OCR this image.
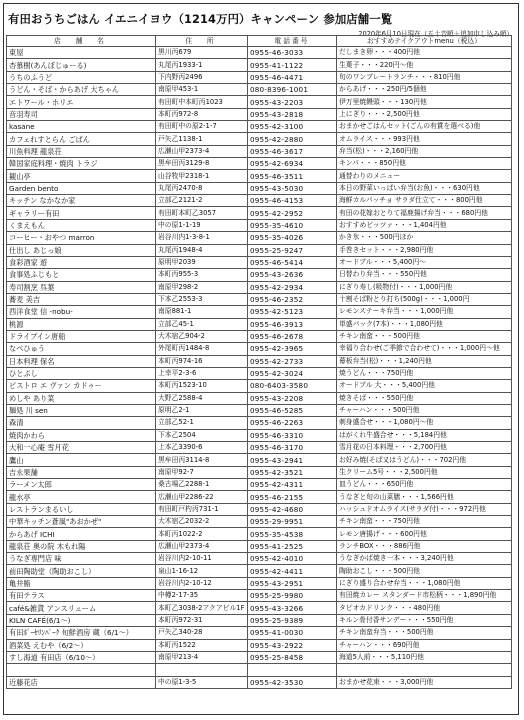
有田おうちごはん イエニイヨウ（1214万円）キャンペーン 参加店舗一覧
2020年6月10日現在（五十音順＋追加申し込み順）
店　舗　名	住　所	電話番号	おすすめテイクアウトmenu（税込）
東屋	黒川丙679	0955-46-3033	だしまき卵・・・400円他
杏慕樹(あんぼじゅーる)	丸尾丙1933-1	0955-41-1122	生菓子・・・220円～他
うちのふうど	下内野丙2496	0955-46-4471	旬のワンプレートランチ・・・810円他
うどん・そば・からあげ 大ちゃん	南原甲453-1	080-8396-1001	からあげ・・・250円/5個他
エトワール・ホリエ	有田町中本町丙1023	0955-43-2203	伊万里焼饅頭・・・130円他
音羽寿司	本町丙972-8	0955-43-2818	上にぎり・・・2,500円他
kasane	有田町中の原2-1-7	0955-42-3100	おまかせごはんセット(ごんの有賞を選べる)他
カフェれすとらん ごぱん	戸矢乙1138-1	0955-42-2880	オムライス・・・993円他
川魚料理 龍泉荘	広瀬山甲2373-4	0955-46-3617	弁当(松)・・・2,160円他
韓国家庭料理・焼肉 トラジ	黒牟田丙3129-8	0955-42-6934	キンパ・・・850円他
観山亭	山谷牧甲2318-1	0955-46-3511	通替わりのメニュー
Garden bento	丸尾丙2470-8	0955-43-5030	本日の野菜いっぱい弁当(お魚)・・・630円他
キッチン なかなか家	立部乙2121-2	0955-46-4153	海鮮カルパッチョ サラダ仕立て・・・800円他
ギャラリー有田	有田町本町乙3057	0955-42-2952	有田の花嫁おとりて福鹿揚げ弁当・・・680円他
くまえもん	中の原1-1-19	0955-35-4610	おすすめピッツァ・・・1,404円他
コーヒー・おやつ marron	岩谷川内1-3-8-1	0955-35-4026	かき氷・・・500円ほか
仕出し あじっ娘	丸尾丙1948-4	0955-25-9247	手巻きセット・・・2,980円他
食彩酒家 遊	原明甲2039	0955-46-5414	オードブル・・・5,400円～
食事処ふじもと	本町丙955-3	0955-43-2636	日替わり弁当・・・550円他
寿司割烹 呉葉	南原甲298-2	0955-42-2934	にぎり寿し(吸物付)・・・1,000円他
蕎麦 美吉	下本乙2553-3	0955-46-2352	十割そば粉とり打ち(500g)・・・1,000円
西洋食堂 信 -nobu-	南原881-1	0955-42-5123	レモンステーキ弁当・・・1,000円他
桃源	立部乙45-1	0955-46-3913	単盛パック(7本)・・・1,080円他
ドライブイン唐船	大木宿乙904-2	0955-46-2678	チキン南蛮・・・500円他
なべひゅう	外尾町丙1484-8	0955-42-3965	幸福り合わせ(ご季節で合わせて)・・・1,000円～他
日本料理 保名	本町丙974-16	0955-42-2733	幕板弁当(松)・・・1,240円他
ひとぷし	上幸平2-3-6	0955-42-3024	焼うどん・・・750円他
ビストロ エ ヴァン カドゥー	本町丙1523-10	080-6403-3580	オードブル 大・・・5,400円他
めしや あり菜	大野乙2588-4	0955-43-2208	焼きそば・・・550円他
麺処 川 sen	原明乙2-1	0955-46-5285	チャーハン・・・500円他
森清	立部乙52-1	0955-46-2263	刺身盛合せ・・・1,080円～他
焼肉かわら	下本乙2504	0955-46-3310	はがくれ牛盛合せ・・・5,184円他
大和一心庵 雪月花	上本乙3390-6	0955-46-3170	雪月花の日本料理・・・2,700円他
鷹山	黒牟田丙3114-8	0955-43-2941	お好み焼(そば又はうどん)・・・702円他
吉永果舗	南原甲92-7	0955-42-3521	生クリーム5号・・・2,500円他
ラーメン太郎	桑古場乙2288-1	0955-42-4311	皿うどん・・・650円他
龍水亭	広瀬山甲2286-22	0955-46-2155	うなぎと旬の山菜膳・・・1,566円他
レストランまるいし	有田町戸杓丙731-1	0955-42-4680	ハッシュドオムライス(サラダ付)・・・972円他
中華キッチン蒼風"あおかぜ"	大木宿乙2032-2	0955-29-9951	チキン南蛮・・・750円他
からあげ ICHI	本町丙1022-2	0955-35-4538	レモン唐揚げ・・・600円他
龍泉荘 奥の院 木もれ陽	広瀬山甲2373-4	0955-41-2525	ランチBOX・・・886円他
うなぎ専門店 味	岩谷川内2-10-11	0955-42-4010	うなぎかば焼き一本・・・3,240円他
前田陶助堂（陶助おこし）	泉山1-16-12	0955-42-4411	陶助おこし・・・500円他
亀井鮨	岩谷川内2-10-12	0955-43-2951	にぎり盛り合わせ弁当・・・1,080円他
有田テラス	中樽2-17-35	0955-25-9980	有田焼カレー スタンダード市松柄・・・1,890円他
café&雑貨 アンスリューム	本町乙3038-2アクアビル1F	0955-43-3266	タピオカドリンク・・・480円他
KILN CAFÉ(6/1～)	本町丙972-31	0955-25-9389	キルン骨付香サンデー・・・550円他
有田ﾎﾟｰｾﾘﾝﾊﾟｰｸ 旬鮮酒房 蔵（6/1～）	戸矢乙340-28	0955-41-0030	チキン南蛮弁当・・・500円他
酒菜処 えむや（6/2～）	本町丙1522	0955-43-2922	チャーハン・・・690円他
すし海道 有田店（6/10～）	南原甲213-4	0955-25-8458	海道5人前・・・5,110円他

近藤花店	中の原1-3-5	0955-42-3530	おまかせ花束・・・3,000円他
